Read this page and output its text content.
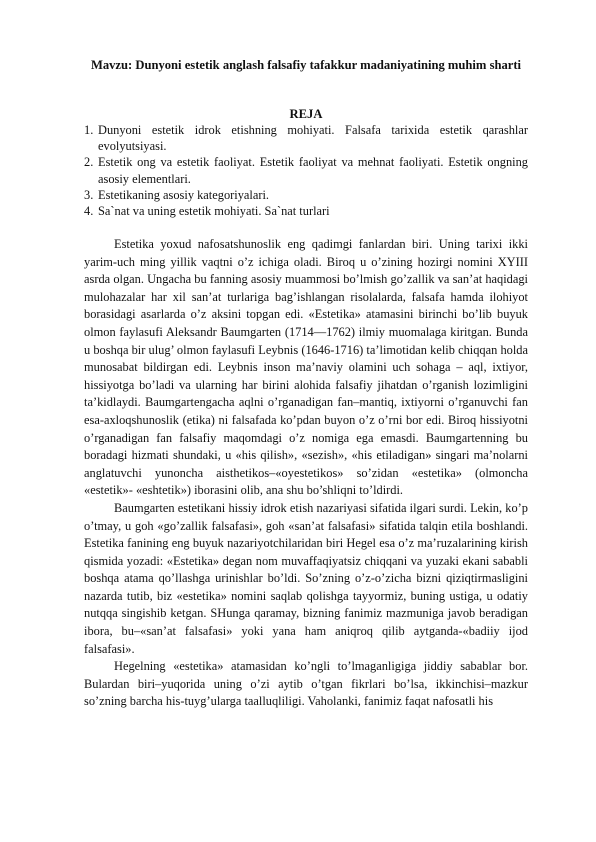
Mavzu: Dunyoni estetik anglash falsafiy tafakkur madaniyatining muhim sharti
REJA
1. Dunyoni estetik idrok etishning mohiyati. Falsafa tarixida estetik qarashlar evolyutsiyasi.
2. Estetik ong va estetik faoliyat. Estetik faoliyat va mehnat faoliyati. Estetik ongning asosiy elementlari.
3. Estetikaning asosiy kategoriyalari.
4. Sa`nat va uning estetik mohiyati. Sa`nat turlari

Estetika yoxud nafosatshunoslik eng qadimgi fanlardan biri. Uning tarixi ikki yarim-uch ming yillik vaqtni o’z ichiga oladi. Biroq u o’zining hozirgi nomini XYIII asrda olgan. Ungacha bu fanning asosiy muammosi bo’lmish go’zallik va san’at haqidagi mulohazalar har xil san’at turlariga bag’ishlangan risolalarda, falsafa hamda ilohiyot borasidagi asarlarda o’z aksini topgan edi. «Estetika» atamasini birinchi bo’lib buyuk olmon faylasufi Aleksandr Baumgarten (1714—1762) ilmiy muomalaga kiritgan. Bunda u boshqa bir ulug’ olmon faylasufi Leybnis (1646-1716) ta’limotidan kelib chiqqan holda munosabat bildirgan edi. Leybnis inson ma’naviy olamini uch sohaga – aql, ixtiyor, hissiyotga bo’ladi va ularning har birini alohida falsafiy jihatdan o’rganish lozimligini ta’kidlaydi. Baumgartengacha aqlni o’rganadigan fan–mantiq, ixtiyorni o’rganuvchi fan esa-axloqshunoslik (etika) ni falsafada ko’pdan buyon o’z o’rni bor edi. Biroq hissiyotni o’rganadigan fan falsafiy maqomdagi o’z nomiga ega emasdi. Baumgartenning bu boradagi hizmati shundaki, u «his qilish», «sezish», «his etiladigan» singari ma’nolarni anglatuvchi yunoncha aisthetikos–«oyestetikos» so’zidan «estetika» (olmoncha «estetik»- «eshtetik») iborasini olib, ana shu bo’shliqni to’ldirdi.

Baumgarten estetikani hissiy idrok etish nazariyasi sifatida ilgari surdi. Lekin, ko’p o’tmay, u goh «go’zallik falsafasi», goh «san’at falsafasi» sifatida talqin etila boshlandi. Estetika fanining eng buyuk nazariyotchilaridan biri Hegel esa o’z ma’ruzalarining kirish qismida yozadi: «Estetika» degan nom muvaffaqiyatsiz chiqqani va yuzaki ekani sababli boshqa atama qo’llashga urinishlar bo’ldi. So’zning o’z-o’zicha bizni qiziqtirmasligini nazarda tutib, biz «estetika» nomini saqlab qolishga tayyormiz, buning ustiga, u odatiy nutqqa singishib ketgan. SHunga qaramay, bizning fanimiz mazmuniga javob beradigan ibora, bu–«san’at falsafasi» yoki yana ham aniqroq qilib aytganda-«badiiy ijod falsafasi».

Hegelning «estetika» atamasidan ko’ngli to’lmaganligiga jiddiy sabablar bor. Bulardan biri–yuqorida uning o’zi aytib o’tgan fikrlari bo’lsa, ikkinchisi–mazkur so’zning barcha his-tuyg’ularga taalluqliligi. Vaholanki, fanimiz faqat nafosatli his
